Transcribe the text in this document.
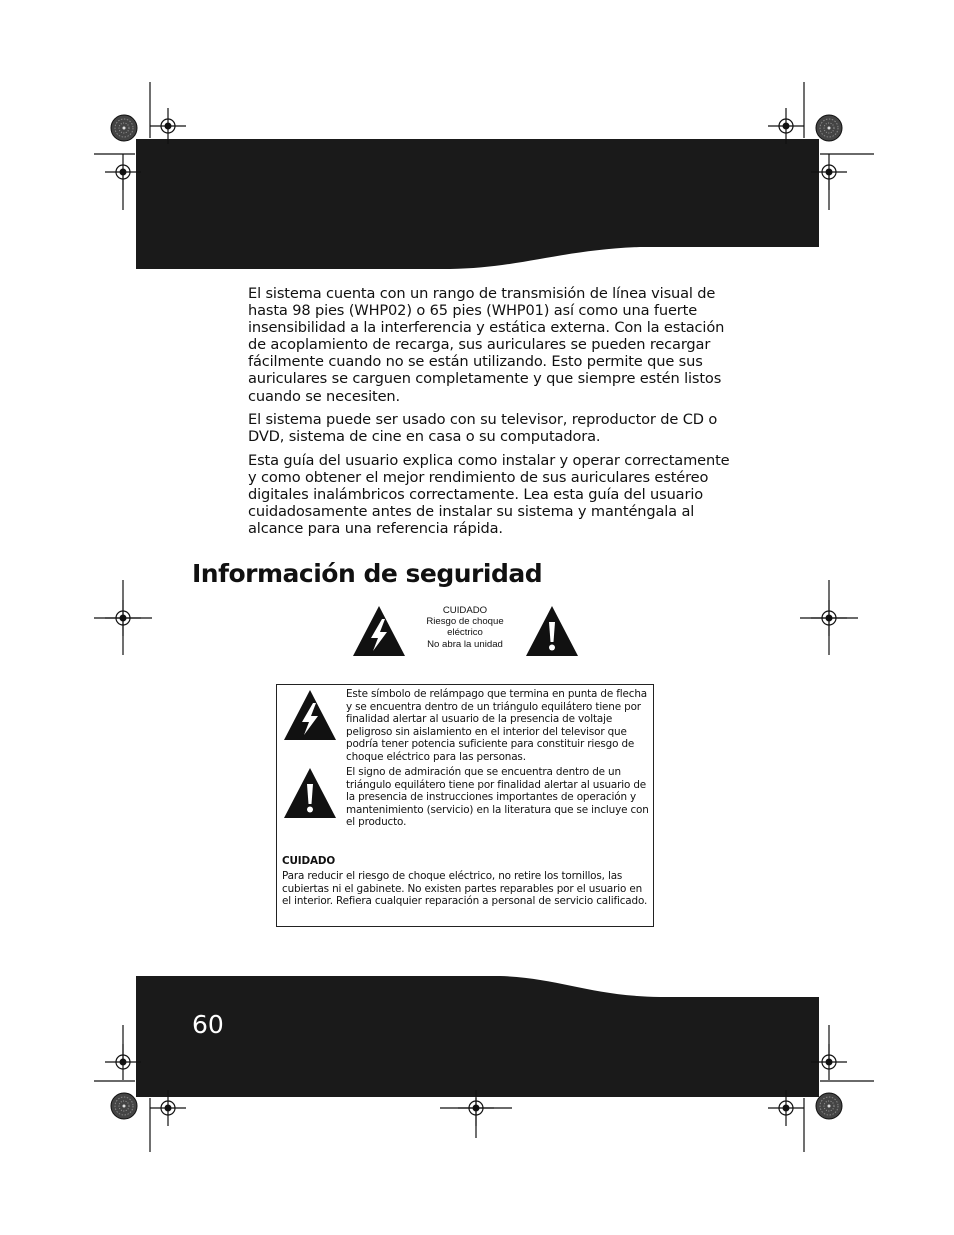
El sistema cuenta con un rango de transmisión de línea visual de hasta 98 pies (WHP02) o 65 pies (WHP01) así como una fuerte insensibilidad a la interferencia y estática externa. Con la estación de acoplamiento de recarga, sus auriculares se pueden recargar fácilmente cuando no se están utilizando. Esto permite que sus auriculares se carguen completamente y que siempre estén listos cuando se necesiten.

El sistema puede ser usado con su televisor, reproductor de CD o DVD, sistema de cine en casa o su computadora.

Esta guía del usuario explica como instalar y operar correctamente y como obtener el mejor rendimiento de sus auriculares estéreo digitales inalámbricos correctamente. Lea esta guía del usuario cuidadosamente antes de instalar su sistema y manténgala al alcance para una referencia rápida.

Información de seguridad
CUIDADO
Riesgo de choque
eléctrico
No abra la unidad

Este símbolo de relámpago que termina en punta de flecha y se encuentra dentro de un triángulo equilátero tiene por finalidad alertar al usuario de la presencia de voltaje peligroso sin aislamiento en el interior del televisor que podría tener potencia suficiente para constituir riesgo de choque eléctrico para las personas.

El signo de admiración que se encuentra dentro de un triángulo equilátero tiene por finalidad alertar al usuario de la presencia de instrucciones importantes de operación y mantenimiento (servicio) en la literatura que se incluye con el producto.

CUIDADO

Para reducir el riesgo de choque eléctrico, no retire los tornillos, las cubiertas ni el gabinete. No existen partes reparables por el usuario en el interior. Refiera cualquier reparación a personal de servicio calificado.

60
